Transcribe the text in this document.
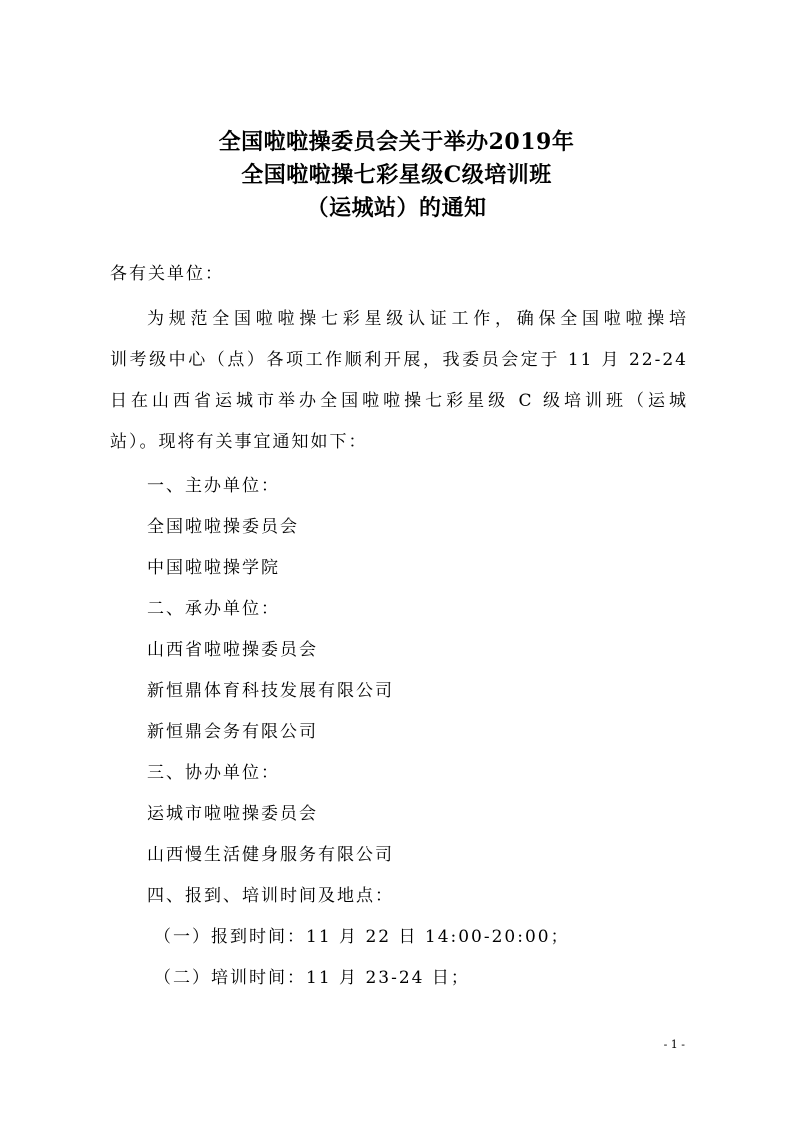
全国啦啦操委员会关于举办2019年
全国啦啦操七彩星级C级培训班
（运城站）的通知
各有关单位：
为规范全国啦啦操七彩星级认证工作，确保全国啦啦操培
训考级中心（点）各项工作顺利开展，我委员会定于 11 月 22-24
日在山西省运城市举办全国啦啦操七彩星级 C 级培训班（运城
站）。现将有关事宜通知如下：
一、主办单位：
全国啦啦操委员会
中国啦啦操学院
二、承办单位：
山西省啦啦操委员会
新恒鼎体育科技发展有限公司
新恒鼎会务有限公司
三、协办单位：
运城市啦啦操委员会
山西慢生活健身服务有限公司
四、报到、培训时间及地点：
（一）报到时间：11 月 22 日 14:00-20:00；
（二）培训时间：11 月 23-24 日；
- 1 -
